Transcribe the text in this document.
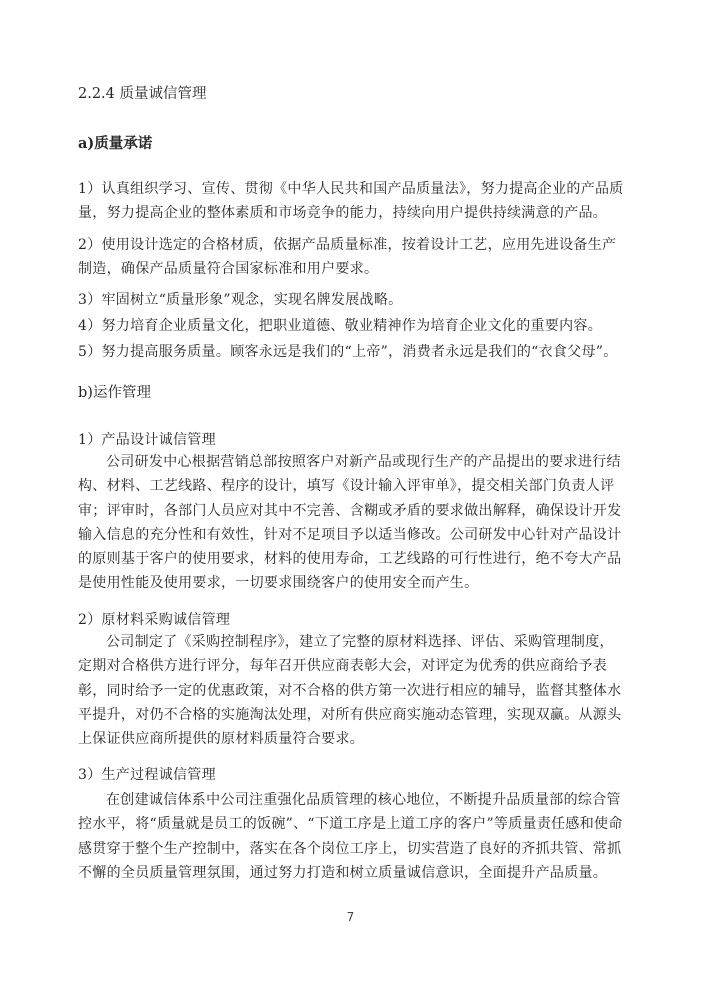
2.2.4 质量诚信管理
a)质量承诺
1）认真组织学习、宣传、贯彻《中华人民共和国产品质量法》，努力提高企业的产品质量，努力提高企业的整体素质和市场竞争的能力，持续向用户提供持续满意的产品。
2）使用设计选定的合格材质，依据产品质量标准，按着设计工艺，应用先进设备生产制造，确保产品质量符合国家标准和用户要求。
3）牢固树立“质量形象”观念，实现名牌发展战略。
4）努力培育企业质量文化，把职业道德、敬业精神作为培育企业文化的重要内容。
5）努力提高服务质量。顾客永远是我们的“上帝”，消费者永远是我们的“衣食父母”。
b)运作管理
1）产品设计诚信管理
公司研发中心根据营销总部按照客户对新产品或现行生产的产品提出的要求进行结构、材料、工艺线路、程序的设计，填写《设计输入评审单》，提交相关部门负责人评审；评审时，各部门人员应对其中不完善、含糊或矛盾的要求做出解释，确保设计开发输入信息的充分性和有效性，针对不足项目予以适当修改。公司研发中心针对产品设计的原则基于客户的使用要求，材料的使用寿命，工艺线路的可行性进行，绝不夸大产品是使用性能及使用要求，一切要求围绕客户的使用安全而产生。
2）原材料采购诚信管理
公司制定了《采购控制程序》，建立了完整的原材料选择、评估、采购管理制度，定期对合格供方进行评分，每年召开供应商表彰大会，对评定为优秀的供应商给予表彰，同时给予一定的优惠政策，对不合格的供方第一次进行相应的辅导，监督其整体水平提升，对仍不合格的实施淘汰处理，对所有供应商实施动态管理，实现双赢。从源头上保证供应商所提供的原材料质量符合要求。
3）生产过程诚信管理
在创建诚信体系中公司注重强化品质管理的核心地位，不断提升品质量部的综合管控水平，将“质量就是员工的饭碗”、“下道工序是上道工序的客户”等质量责任感和使命感贯穿于整个生产控制中，落实在各个岗位工序上，切实营造了良好的齐抓共管、常抓不懈的全员质量管理氛围，通过努力打造和树立质量诚信意识，全面提升产品质量。
7
